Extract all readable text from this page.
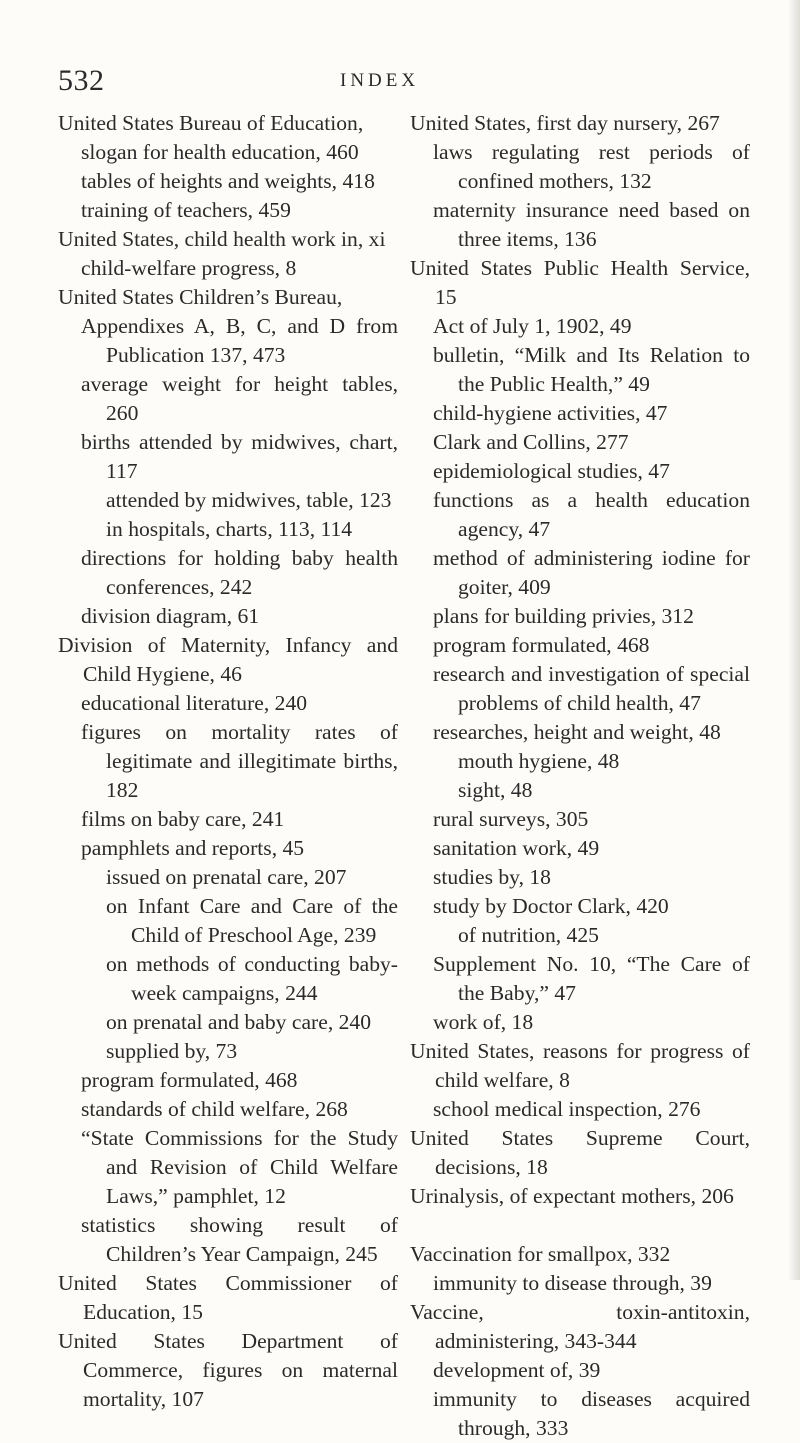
532	INDEX
United States Bureau of Education,
slogan for health education, 460
tables of heights and weights, 418
training of teachers, 459
United States, child health work in, xi
child-welfare progress, 8
United States Children’s Bureau,
Appendixes A, B, C, and D from Publication 137, 473
average weight for height tables, 260
births attended by midwives, chart, 117
attended by midwives, table, 123
in hospitals, charts, 113, 114
directions for holding baby health conferences, 242
division diagram, 61
Division of Maternity, Infancy and Child Hygiene, 46
educational literature, 240
figures on mortality rates of legitimate and illegitimate births, 182
films on baby care, 241
pamphlets and reports, 45
issued on prenatal care, 207
on Infant Care and Care of the Child of Preschool Age, 239
on methods of conducting baby-week campaigns, 244
on prenatal and baby care, 240
supplied by, 73
program formulated, 468
standards of child welfare, 268
“State Commissions for the Study and Revision of Child Welfare Laws,” pamphlet, 12
statistics showing result of Children’s Year Campaign, 245
United States Commissioner of Education, 15
United States Department of Commerce, figures on maternal mortality, 107
United States, first day nursery, 267
laws regulating rest periods of confined mothers, 132
maternity insurance need based on three items, 136
United States Public Health Service, 15
Act of July 1, 1902, 49
bulletin, “Milk and Its Relation to the Public Health,” 49
child-hygiene activities, 47
Clark and Collins, 277
epidemiological studies, 47
functions as a health education agency, 47
method of administering iodine for goiter, 409
plans for building privies, 312
program formulated, 468
research and investigation of special problems of child health, 47
researches, height and weight, 48
mouth hygiene, 48
sight, 48
rural surveys, 305
sanitation work, 49
studies by, 18
study by Doctor Clark, 420
of nutrition, 425
Supplement No. 10, “The Care of the Baby,” 47
work of, 18
United States, reasons for progress of child welfare, 8
school medical inspection, 276
United States Supreme Court, decisions, 18
Urinalysis, of expectant mothers, 206
Vaccination for smallpox, 332
immunity to disease through, 39
Vaccine, toxin-antitoxin, administering, 343-344
development of, 39
immunity to diseases acquired through, 333
